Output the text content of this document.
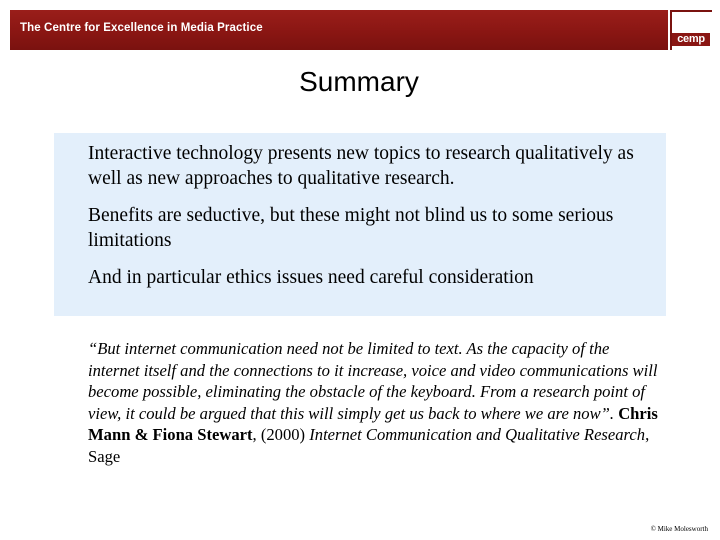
The Centre for Excellence in Media Practice
cemp
Summary

Interactive technology presents new topics to research qualitatively as well as new approaches to qualitative research.

Benefits are seductive, but these might not blind us to some serious limitations

And in particular ethics issues need careful consideration

“But internet communication need not be limited to text. As the capacity of the internet itself and the connections to it increase, voice and video communications will become possible, eliminating the obstacle of the keyboard. From a research point of view, it could be argued that this will simply get us back to where we are now”. Chris Mann & Fiona Stewart, (2000) Internet Communication and Qualitative Research, Sage

© Mike Molesworth
